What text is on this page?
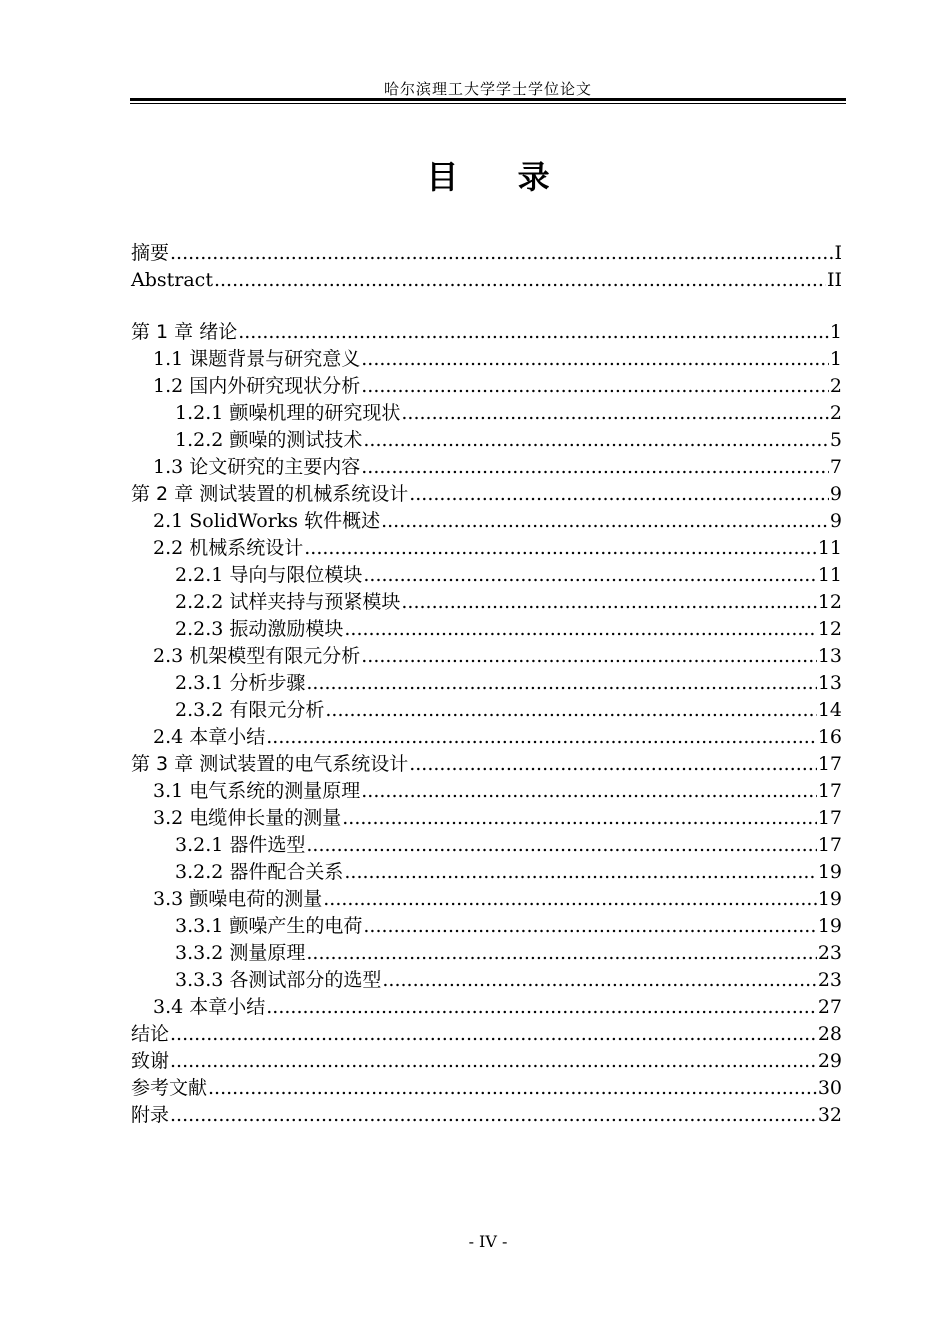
哈尔滨理工大学学士学位论文
目 录
摘要 .....	I
Abstract .....	II
第 1 章 绪论 .....	1
1.1 课题背景与研究意义 .....	1
1.2 国内外研究现状分析 .....	2
1.2.1 颤噪机理的研究现状 .....	2
1.2.2 颤噪的测试技术 .....	5
1.3 论文研究的主要内容 .....	7
第 2 章 测试装置的机械系统设计 .....	9
2.1 SolidWorks 软件概述 .....	9
2.2 机械系统设计 .....	11
2.2.1 导向与限位模块 .....	11
2.2.2 试样夹持与预紧模块 .....	12
2.2.3 振动激励模块 .....	12
2.3 机架模型有限元分析 .....	13
2.3.1 分析步骤 .....	13
2.3.2 有限元分析 .....	14
2.4 本章小结 .....	16
第 3 章 测试装置的电气系统设计 .....	17
3.1 电气系统的测量原理 .....	17
3.2 电缆伸长量的测量 .....	17
3.2.1 器件选型 .....	17
3.2.2 器件配合关系 .....	19
3.3 颤噪电荷的测量 .....	19
3.3.1 颤噪产生的电荷 .....	19
3.3.2 测量原理 .....	23
3.3.3 各测试部分的选型 .....	23
3.4 本章小结 .....	27
结论 .....	28
致谢 .....	29
参考文献 .....	30
附录 .....	32
- IV -
